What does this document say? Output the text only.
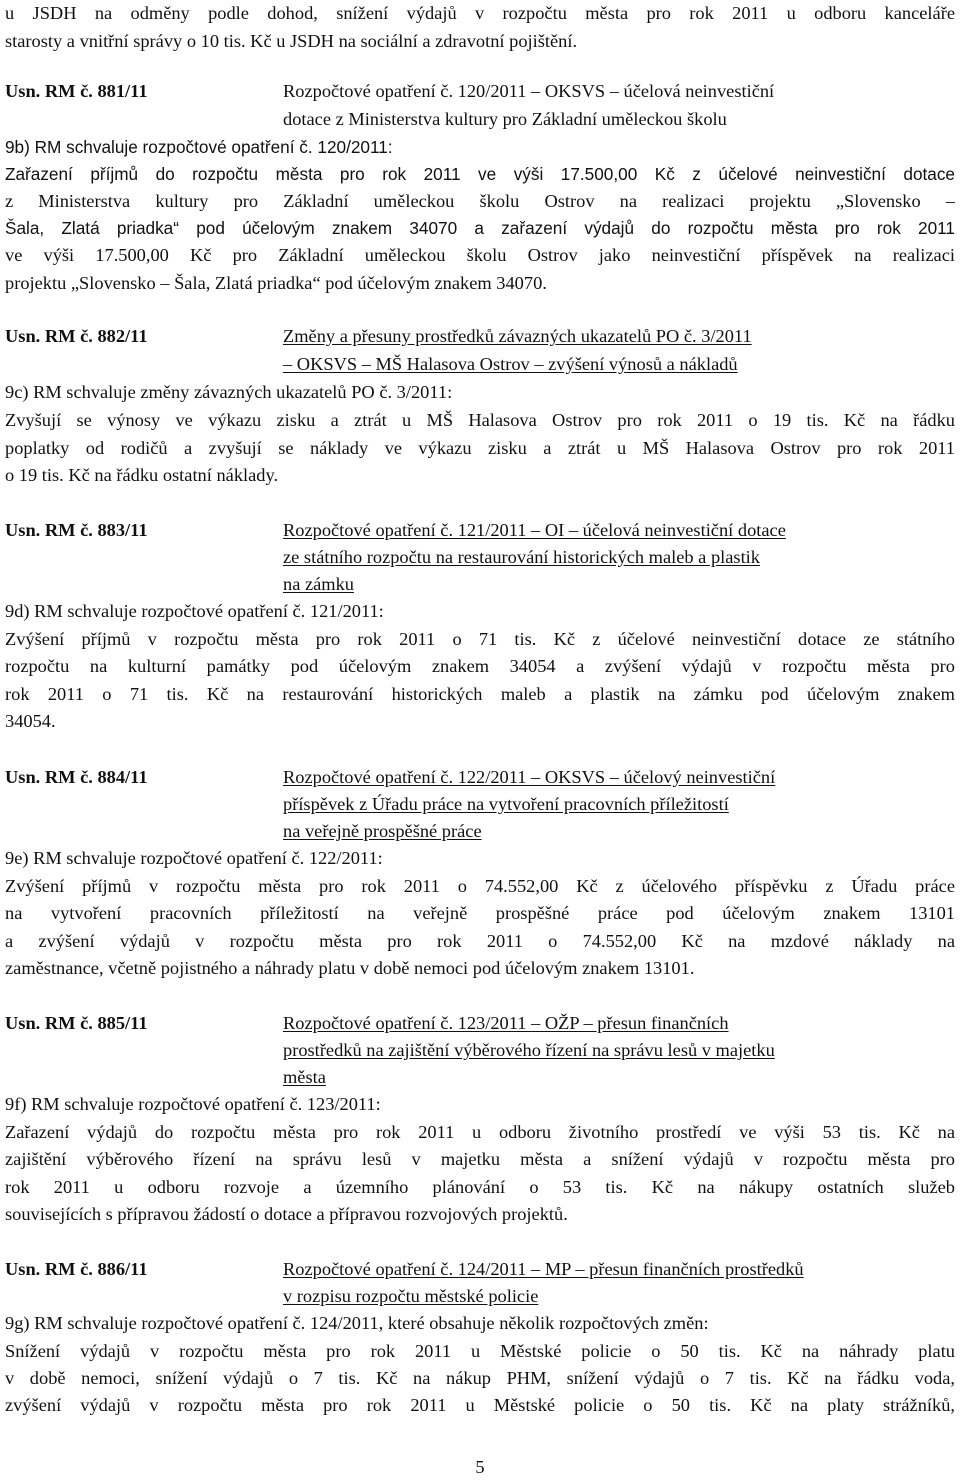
u JSDH na odměny podle dohod, snížení výdajů v rozpočtu města pro rok 2011 u odboru kanceláře
starosty a vnitřní správy o 10 tis. Kč u JSDH na sociální a zdravotní pojištění.
Usn. RM č. 881/11	Rozpočtové opatření č. 120/2011 – OKSVS – účelová neinvestiční
dotace z Ministerstva kultury pro Základní uměleckou školu
9b) RM schvaluje rozpočtové opatření č. 120/2011:
Zařazení příjmů do rozpočtu města pro rok 2011 ve výši 17.500,00 Kč z účelové neinvestiční dotace
z Ministerstva kultury pro Základní uměleckou školu Ostrov na realizaci projektu „Slovensko –
Šala, Zlatá priadka“ pod účelovým znakem 34070 a zařazení výdajů do rozpočtu města pro rok 2011
ve výši 17.500,00 Kč pro Základní uměleckou školu Ostrov jako neinvestiční příspěvek na realizaci
projektu „Slovensko – Šala, Zlatá priadka“ pod účelovým znakem 34070.
Usn. RM č. 882/11	Změny a přesuny prostředků závazných ukazatelů PO č. 3/2011
– OKSVS – MŠ Halasova Ostrov – zvýšení výnosů a nákladů
9c) RM schvaluje změny závazných ukazatelů PO č. 3/2011:
Zvyšují se výnosy ve výkazu zisku a ztrát u MŠ Halasova Ostrov pro rok 2011 o 19 tis. Kč na řádku
poplatky od rodičů a zvyšují se náklady ve výkazu zisku a ztrát u MŠ Halasova Ostrov pro rok 2011
o 19 tis. Kč na řádku ostatní náklady.
Usn. RM č. 883/11	Rozpočtové opatření č. 121/2011 – OI – účelová neinvestiční dotace
ze státního rozpočtu na restaurování historických maleb a plastik
na zámku
9d) RM schvaluje rozpočtové opatření č. 121/2011:
Zvýšení příjmů v rozpočtu města pro rok 2011 o 71 tis. Kč z účelové neinvestiční dotace ze státního
rozpočtu na kulturní památky pod účelovým znakem 34054 a zvýšení výdajů v rozpočtu města pro
rok 2011 o 71 tis. Kč na restaurování historických maleb a plastik na zámku pod účelovým znakem
34054.
Usn. RM č. 884/11	Rozpočtové opatření č. 122/2011 – OKSVS – účelový neinvestiční
příspěvek z Úřadu práce na vytvoření pracovních příležitostí
na veřejně prospěšné práce
9e) RM schvaluje rozpočtové opatření č. 122/2011:
Zvýšení příjmů v rozpočtu města pro rok 2011 o 74.552,00 Kč z účelového příspěvku z Úřadu práce
na vytvoření pracovních příležitostí na veřejně prospěšné práce pod účelovým znakem 13101
a zvýšení výdajů v rozpočtu města pro rok 2011 o 74.552,00 Kč na mzdové náklady na
zaměstnance, včetně pojistného a náhrady platu v době nemoci pod účelovým znakem 13101.
Usn. RM č. 885/11	Rozpočtové opatření č. 123/2011 – OŽP – přesun finančních
prostředků na zajištění výběrového řízení na správu lesů v majetku
města
9f) RM schvaluje rozpočtové opatření č. 123/2011:
Zařazení výdajů do rozpočtu města pro rok 2011 u odboru životního prostředí ve výši 53 tis. Kč na
zajištění výběrového řízení na správu lesů v majetku města a snížení výdajů v rozpočtu města pro
rok 2011 u odboru rozvoje a územního plánování o 53 tis. Kč na nákupy ostatních služeb
souvisejících s přípravou žádostí o dotace a přípravou rozvojových projektů.
Usn. RM č. 886/11	Rozpočtové opatření č. 124/2011 – MP – přesun finančních prostředků
v rozpisu rozpočtu městské policie
9g) RM schvaluje rozpočtové opatření č. 124/2011, které obsahuje několik rozpočtových změn:
Snížení výdajů v rozpočtu města pro rok 2011 u Městské policie o 50 tis. Kč na náhrady platu
v době nemoci, snížení výdajů o 7 tis. Kč na nákup PHM, snížení výdajů o 7 tis. Kč na řádku voda,
zvýšení výdajů v rozpočtu města pro rok 2011 u Městské policie o 50 tis. Kč na platy strážníků,
5
